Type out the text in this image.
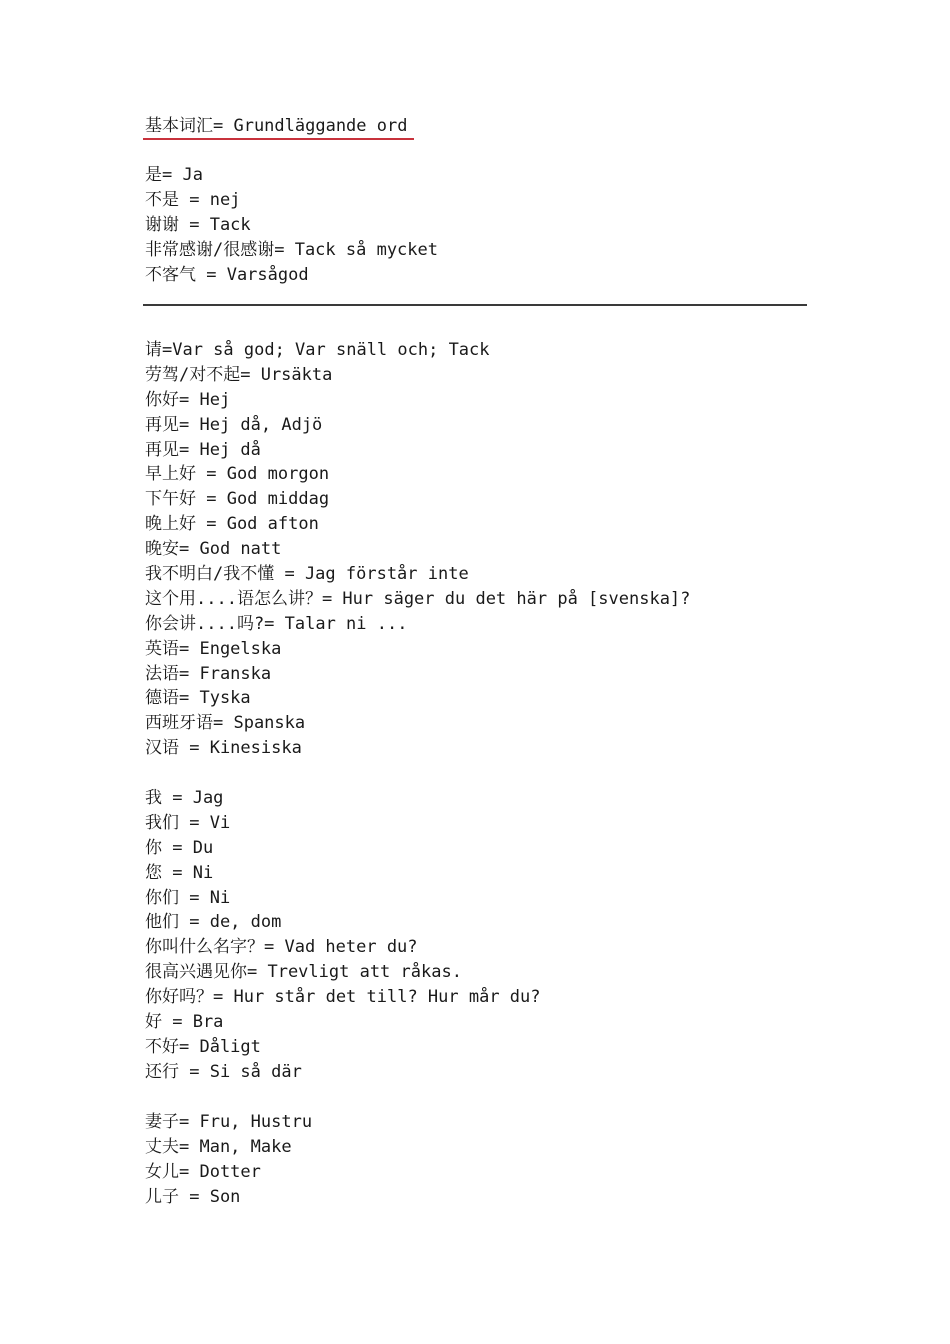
基本词汇= Grundläggande ord
是= Ja
不是 = nej
谢谢 = Tack
非常感谢/很感谢= Tack så mycket
不客气 = Varsågod
请=Var så god; Var snäll och; Tack
劳驾/对不起= Ursäkta
你好= Hej
再见= Hej då, Adjö
再见= Hej då
早上好 = God morgon
下午好 = God middag
晚上好 = God afton
晚安= God natt
我不明白/我不懂 = Jag förstår inte
这个用....语怎么讲？= Hur säger du det här på [svenska]?
你会讲....吗?= Talar ni ...
英语= Engelska
法语= Franska
德语= Tyska
西班牙语= Spanska
汉语 = Kinesiska
我 = Jag
我们 = Vi
你 = Du
您 = Ni
你们 = Ni
他们 = de, dom
你叫什么名字？= Vad heter du?
很高兴遇见你= Trevligt att råkas.
你好吗？= Hur står det till? Hur mår du?
好 = Bra
不好= Dåligt
还行 = Si så där
妻子= Fru, Hustru
丈夫= Man, Make
女儿= Dotter
儿子 = Son
